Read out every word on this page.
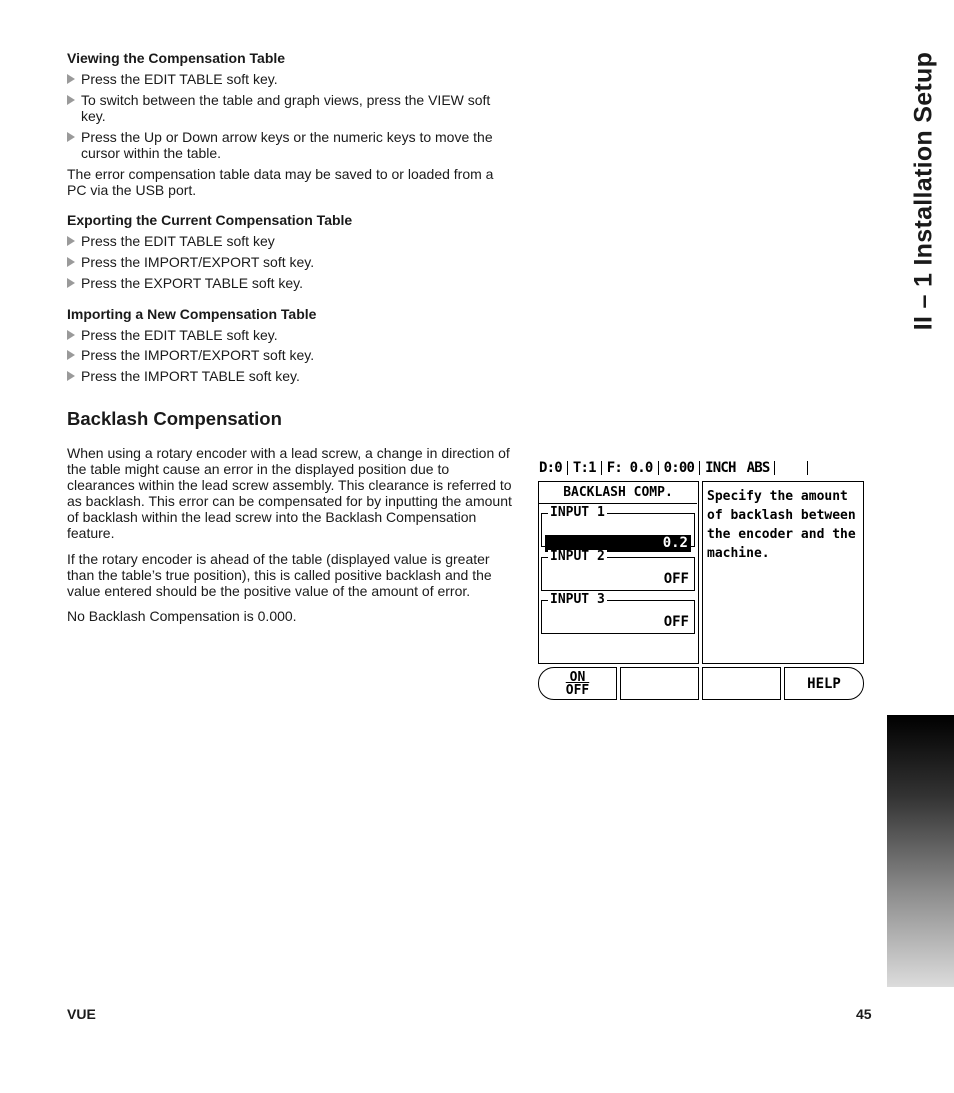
Viewing the Compensation Table
Press the EDIT TABLE soft key.
To switch between the table and graph views, press the VIEW soft key.
Press the Up or Down arrow keys or the numeric keys to move the cursor within the table.
The error compensation table data may be saved to or loaded from a PC via the USB port.
Exporting the Current Compensation Table
Press the EDIT TABLE soft key
Press the IMPORT/EXPORT soft key.
Press the EXPORT TABLE soft key.
Importing a New Compensation Table
Press the EDIT TABLE soft key.
Press the IMPORT/EXPORT soft key.
Press the IMPORT TABLE soft key.
Backlash Compensation
When using a rotary encoder with a lead screw, a change in direction of the table might cause an error in the displayed position due to clearances within the lead screw assembly. This clearance is referred to as backlash. This error can be compensated for by inputting the amount of backlash within the lead screw into the Backlash Compensation feature.
If the rotary encoder is ahead of the table (displayed value is greater than the table’s true position), this is called positive backlash and the value entered should be the positive value of the amount of error.
No Backlash Compensation is 0.000.
D:0 T:1 F: 0.0 0:00 INCH ABS
BACKLASH COMP.
0.2
INPUT 1
OFF
INPUT 2
OFF
INPUT 3
Specify the amount of backlash between the encoder and the machine.
ON
$\overline{OFF}$	HELP
II – 1 Installation Setup
VUE	45
